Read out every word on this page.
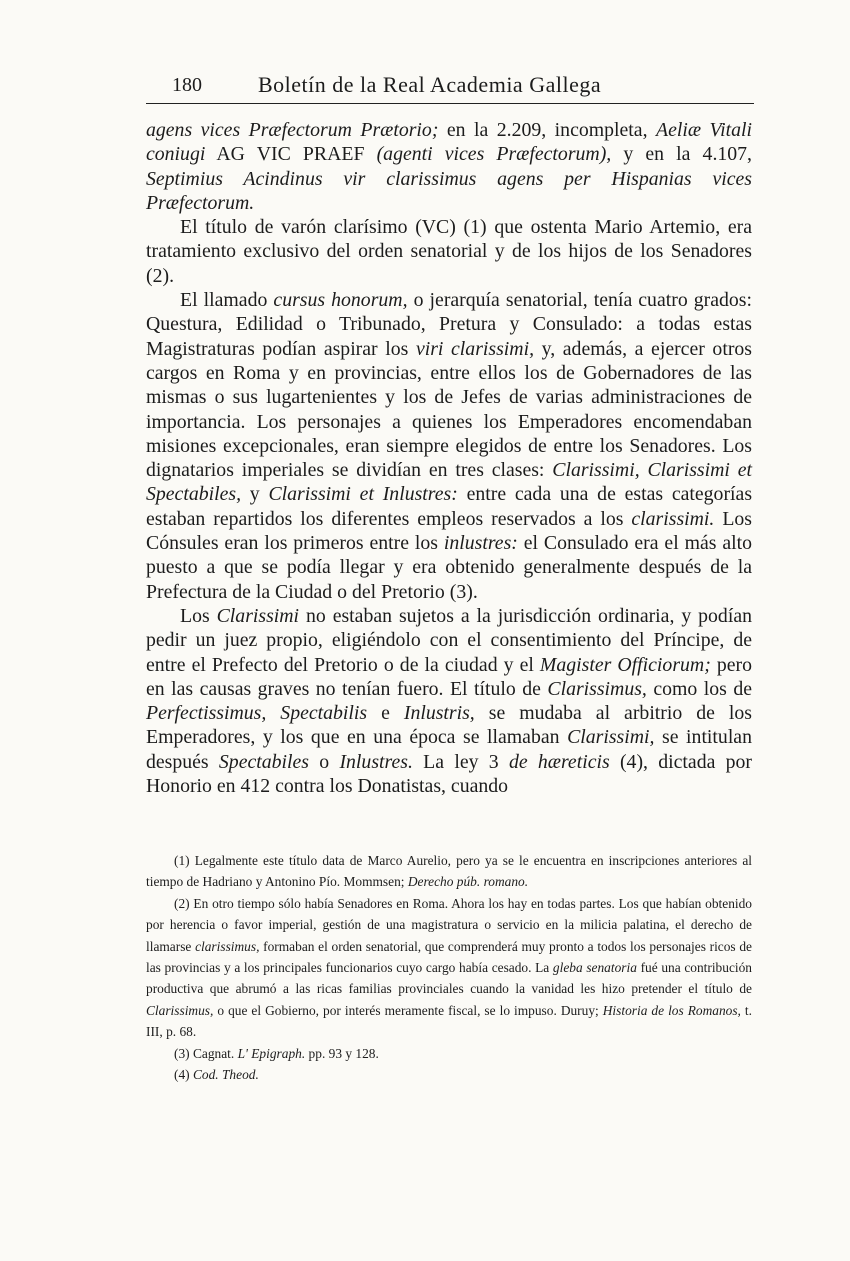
180	Boletín de la Real Academia Gallega

agens vices Præfectorum Prætorio; en la 2.209, incompleta, Aeliæ Vitali coniugi AG VIC PRAEF (agenti vices Præfectorum), y en la 4.107, Septimius Acindinus vir clarissimus agens per Hispanias vices Præfectorum.

El título de varón clarísimo (VC) (1) que ostenta Mario Artemio, era tratamiento exclusivo del orden senatorial y de los hijos de los Senadores (2).

El llamado cursus honorum, o jerarquía senatorial, tenía cuatro grados: Questura, Edilidad o Tribunado, Pretura y Consulado: a todas estas Magistraturas podían aspirar los viri clarissimi, y, además, a ejercer otros cargos en Roma y en provincias, entre ellos los de Gobernadores de las mismas o sus lugartenientes y los de Jefes de varias administraciones de importancia. Los personajes a quienes los Emperadores encomendaban misiones excepcionales, eran siempre elegidos de entre los Senadores. Los dignatarios imperiales se dividían en tres clases: Clarissimi, Clarissimi et Spectabiles, y Clarissimi et Inlustres: entre cada una de estas categorías estaban repartidos los diferentes empleos reservados a los clarissimi. Los Cónsules eran los primeros entre los inlustres: el Consulado era el más alto puesto a que se podía llegar y era obtenido generalmente después de la Prefectura de la Ciudad o del Pretorio (3).

Los Clarissimi no estaban sujetos a la jurisdicción ordinaria, y podían pedir un juez propio, eligiéndolo con el consentimiento del Príncipe, de entre el Prefecto del Pretorio o de la ciudad y el Magister Officiorum; pero en las causas graves no tenían fuero. El título de Clarissimus, como los de Perfectissimus, Spectabilis e Inlustris, se mudaba al arbitrio de los Emperadores, y los que en una época se llamaban Clarissimi, se intitulan después Spectabiles o Inlustres. La ley 3 de hæreticis (4), dictada por Honorio en 412 contra los Donatistas, cuando

(1) Legalmente este título data de Marco Aurelio, pero ya se le encuentra en inscripciones anteriores al tiempo de Hadriano y Antonino Pío. Mommsen; Derecho púb. romano.

(2) En otro tiempo sólo había Senadores en Roma. Ahora los hay en todas partes. Los que habían obtenido por herencia o favor imperial, gestión de una magistratura o servicio en la milicia palatina, el derecho de llamarse clarissimus, formaban el orden senatorial, que comprenderá muy pronto a todos los personajes ricos de las provincias y a los principales funcionarios cuyo cargo había cesado. La gleba senatoria fué una contribución productiva que abrumó a las ricas familias provinciales cuando la vanidad les hizo pretender el título de Clarissimus, o que el Gobierno, por interés meramente fiscal, se lo impuso. Duruy; Historia de los Romanos, t. III, p. 68.

(3) Cagnat. L' Epigraph. pp. 93 y 128.

(4) Cod. Theod.
